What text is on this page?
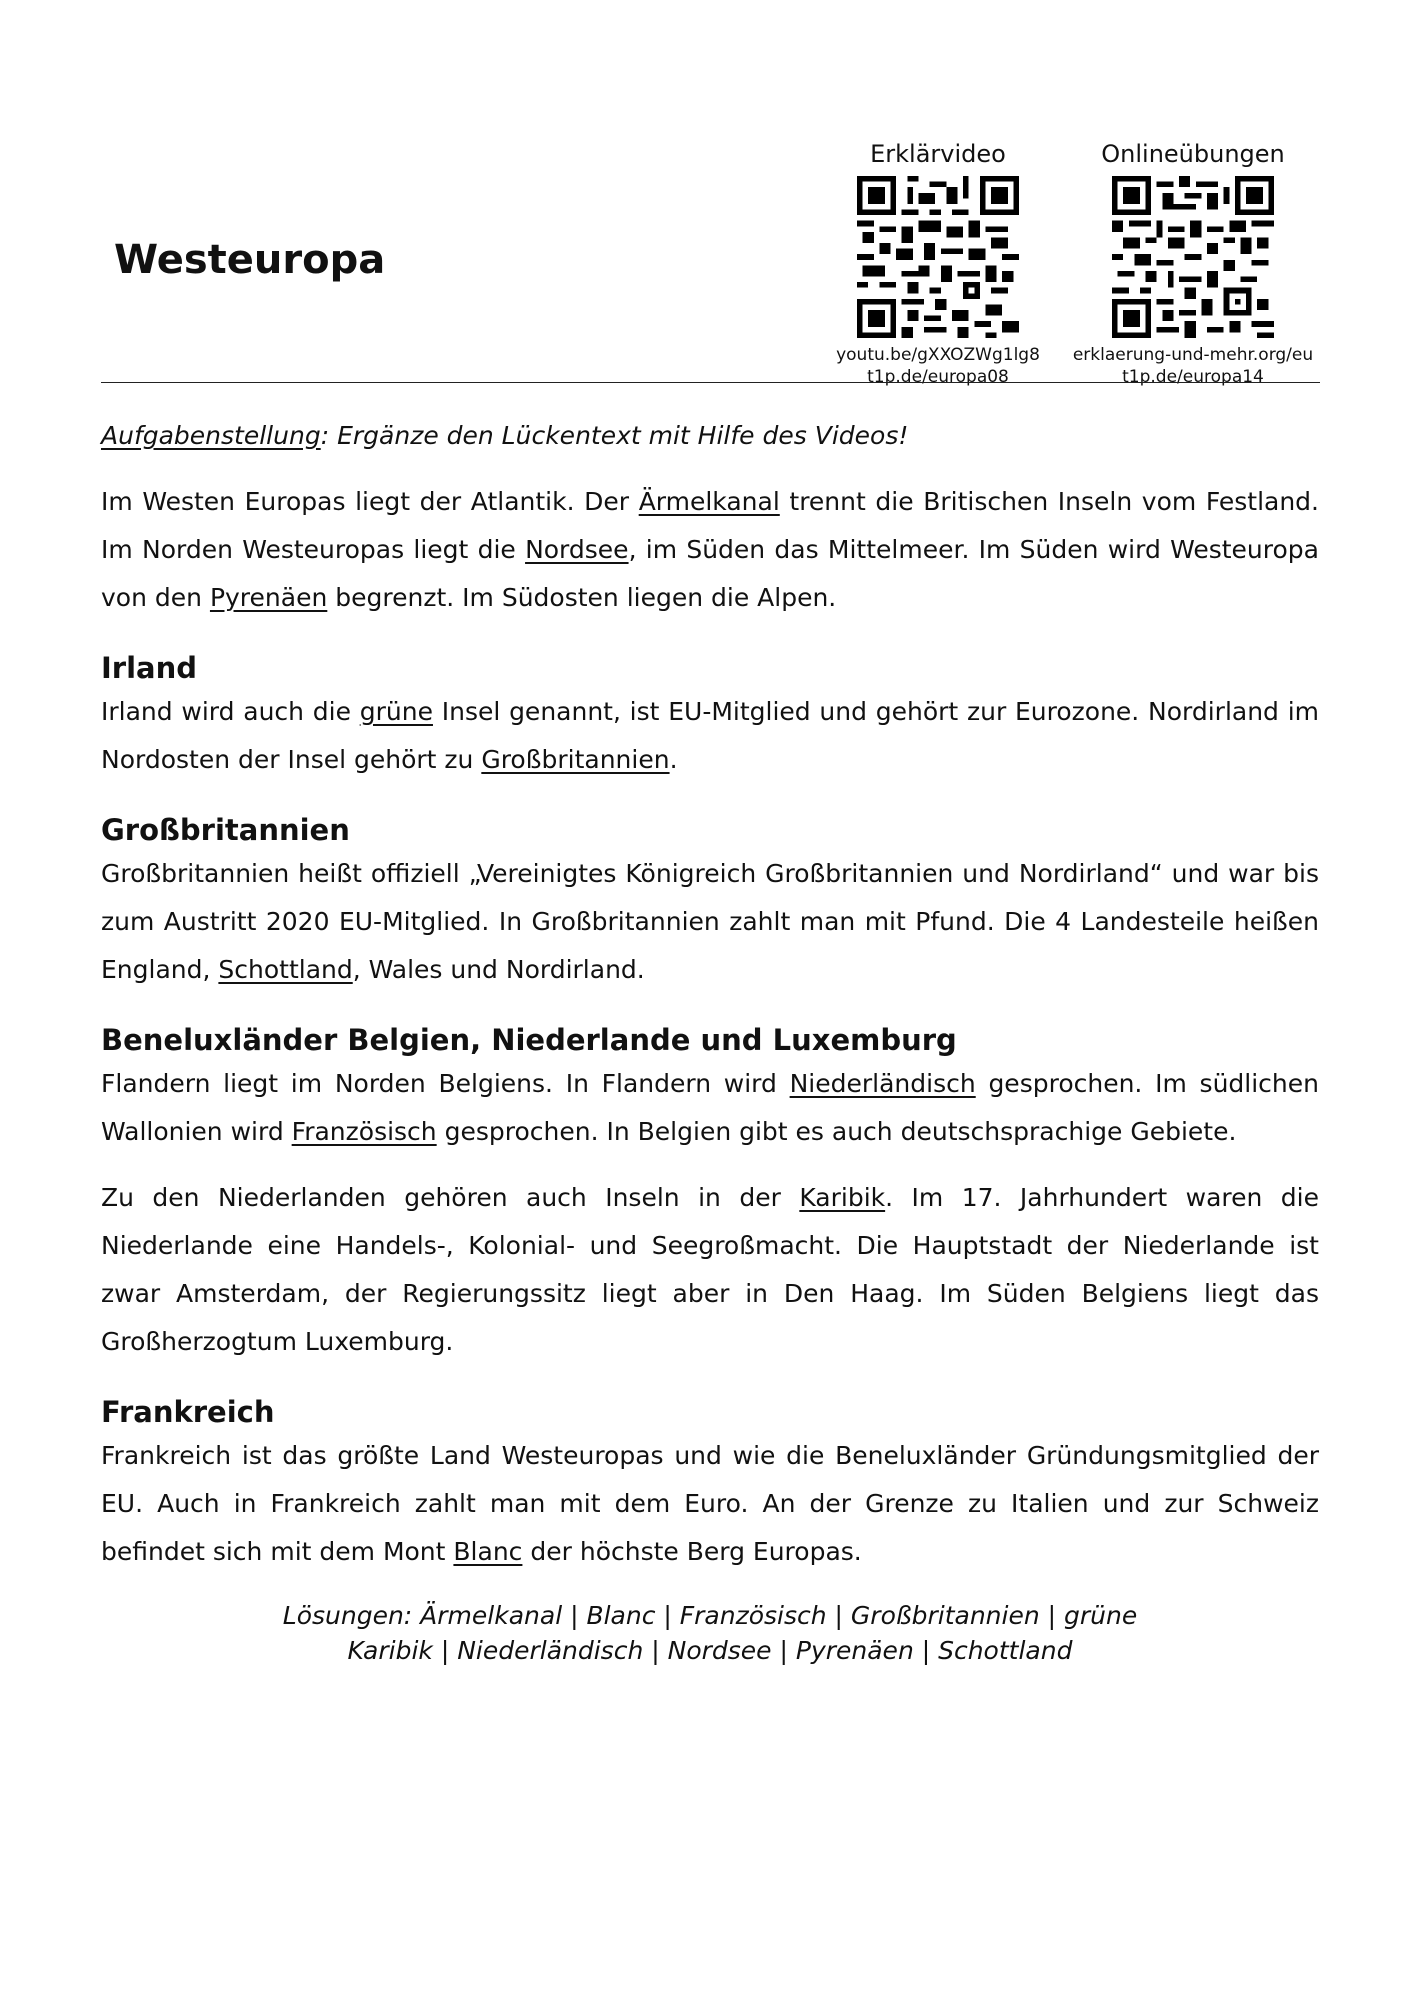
Westeuropa
Erklärvideo
youtu.be/gXXOZWg1lg8
t1p.de/europa08
Onlineübungen
erklaerung-und-mehr.org/eu
t1p.de/europa14

Aufgabenstellung: Ergänze den Lückentext mit Hilfe des Videos!

Im Westen Europas liegt der Atlantik. Der Ärmelkanal trennt die Britischen Inseln vom Festland. Im Norden Westeuropas liegt die Nordsee, im Süden das Mittelmeer. Im Süden wird Westeuropa von den Pyrenäen begrenzt. Im Südosten liegen die Alpen.

Irland

Irland wird auch die grüne Insel genannt, ist EU-Mitglied und gehört zur Eurozone. Nordirland im Nordosten der Insel gehört zu Großbritannien.

Großbritannien

Großbritannien heißt offiziell „Vereinigtes Königreich Großbritannien und Nordirland“ und war bis zum Austritt 2020 EU-Mitglied. In Großbritannien zahlt man mit Pfund. Die 4 Landesteile heißen England, Schottland, Wales und Nordirland.

Beneluxländer Belgien, Niederlande und Luxemburg

Flandern liegt im Norden Belgiens. In Flandern wird Niederländisch gesprochen. Im südlichen Wallonien wird Französisch gesprochen. In Belgien gibt es auch deutschsprachige Gebiete.

Zu den Niederlanden gehören auch Inseln in der Karibik. Im 17. Jahrhundert waren die Niederlande eine Handels-, Kolonial- und Seegroßmacht. Die Hauptstadt der Niederlande ist zwar Amsterdam, der Regierungssitz liegt aber in Den Haag. Im Süden Belgiens liegt das Großherzogtum Luxemburg.

Frankreich

Frankreich ist das größte Land Westeuropas und wie die Beneluxländer Gründungsmitglied der EU. Auch in Frankreich zahlt man mit dem Euro. An der Grenze zu Italien und zur Schweiz befindet sich mit dem Mont Blanc der höchste Berg Europas.

Lösungen: Ärmelkanal | Blanc | Französisch | Großbritannien | grüne
Karibik | Niederländisch | Nordsee | Pyrenäen | Schottland
